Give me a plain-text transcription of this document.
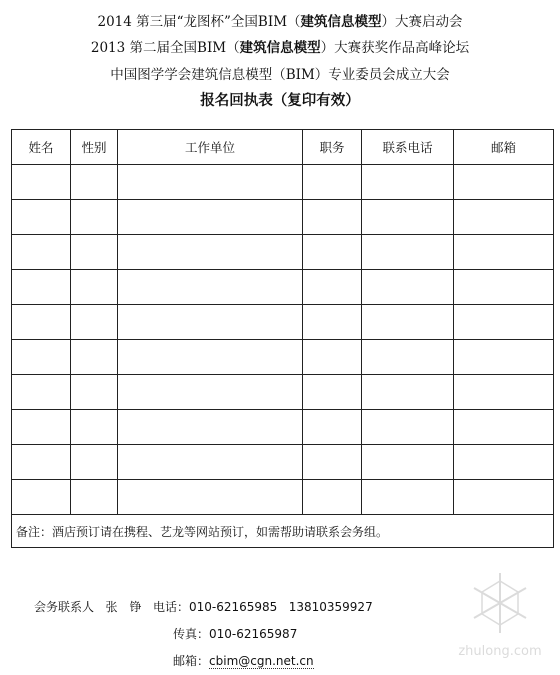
2014 第三届“龙图杯”全国BIM（建筑信息模型）大赛启动会
2013 第二届全国BIM（建筑信息模型）大赛获奖作品高峰论坛
中国图学学会建筑信息模型（BIM）专业委员会成立大会
报名回执表（复印有效）
姓名	性别	工作单位	职务	联系电话	邮箱

备注：酒店预订请在携程、艺龙等网站预订，如需帮助请联系会务组。					
会务联系人 张　铮 电话：010-62165985 13810359927
传真：010-62165987
邮箱：cbim@cgn.net.cn
zhulong.com
